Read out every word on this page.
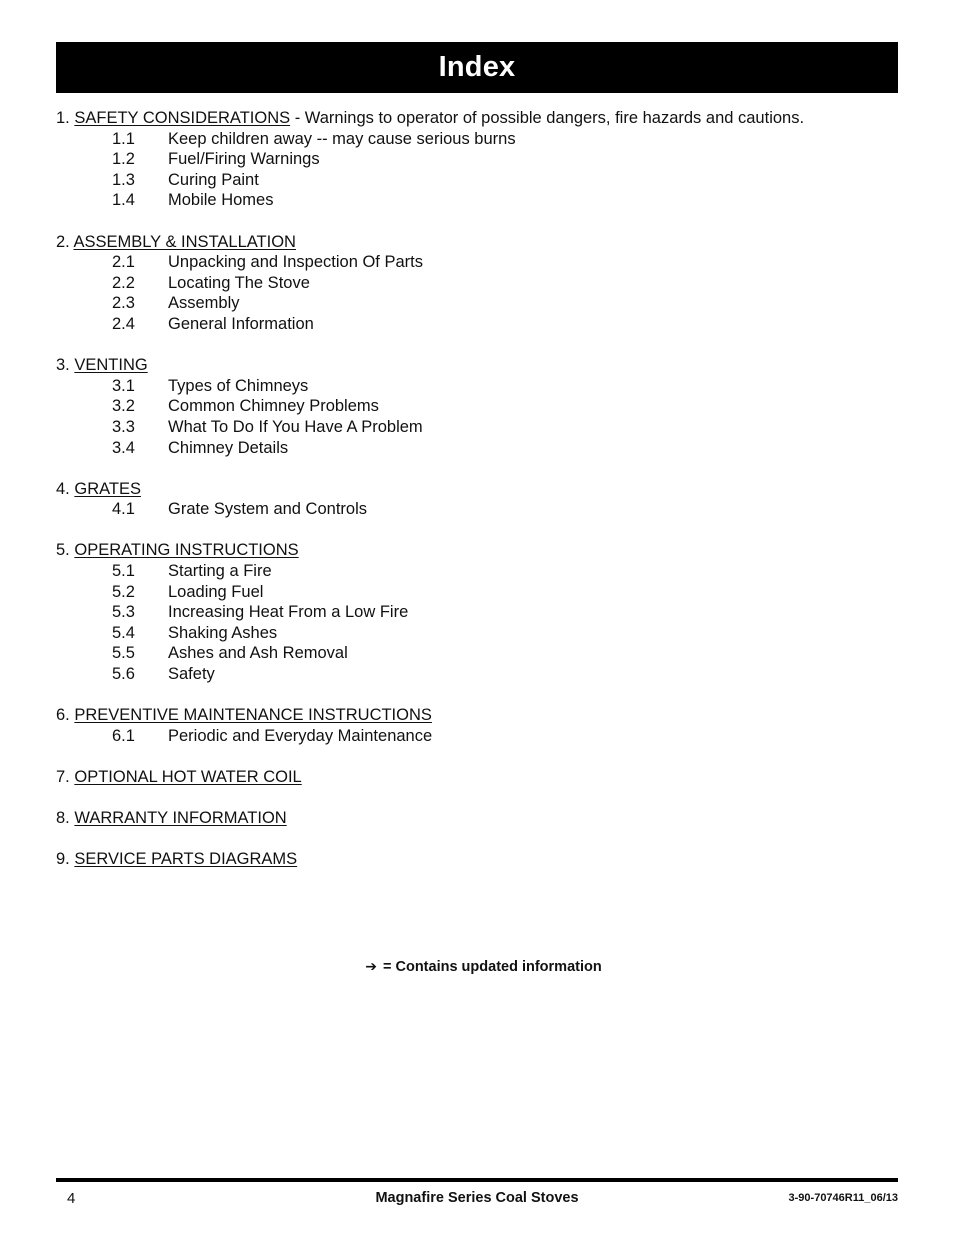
Index
1. SAFETY CONSIDERATIONS - Warnings to operator of possible dangers, fire hazards and cautions.
1.1	Keep children away -- may cause serious burns
1.2	Fuel/Firing Warnings
1.3	Curing Paint
1.4	Mobile Homes
2. ASSEMBLY & INSTALLATION
2.1	Unpacking and Inspection Of Parts
2.2	Locating The Stove
2.3	Assembly
2.4	General Information
3. VENTING
3.1	Types of Chimneys
3.2	Common Chimney Problems
3.3	What To Do If You Have A Problem
3.4	Chimney Details
4. GRATES
4.1	Grate System and Controls
5. OPERATING INSTRUCTIONS
5.1	Starting a Fire
5.2	Loading Fuel
5.3	Increasing Heat From a Low Fire
5.4	Shaking Ashes
5.5	Ashes and Ash Removal
5.6	Safety
6. PREVENTIVE MAINTENANCE INSTRUCTIONS
6.1	Periodic and Everyday Maintenance
7. OPTIONAL HOT WATER COIL
8. WARRANTY INFORMATION
9. SERVICE PARTS DIAGRAMS
➔ = Contains updated information
4	Magnafire Series Coal Stoves	3-90-70746R11_06/13
